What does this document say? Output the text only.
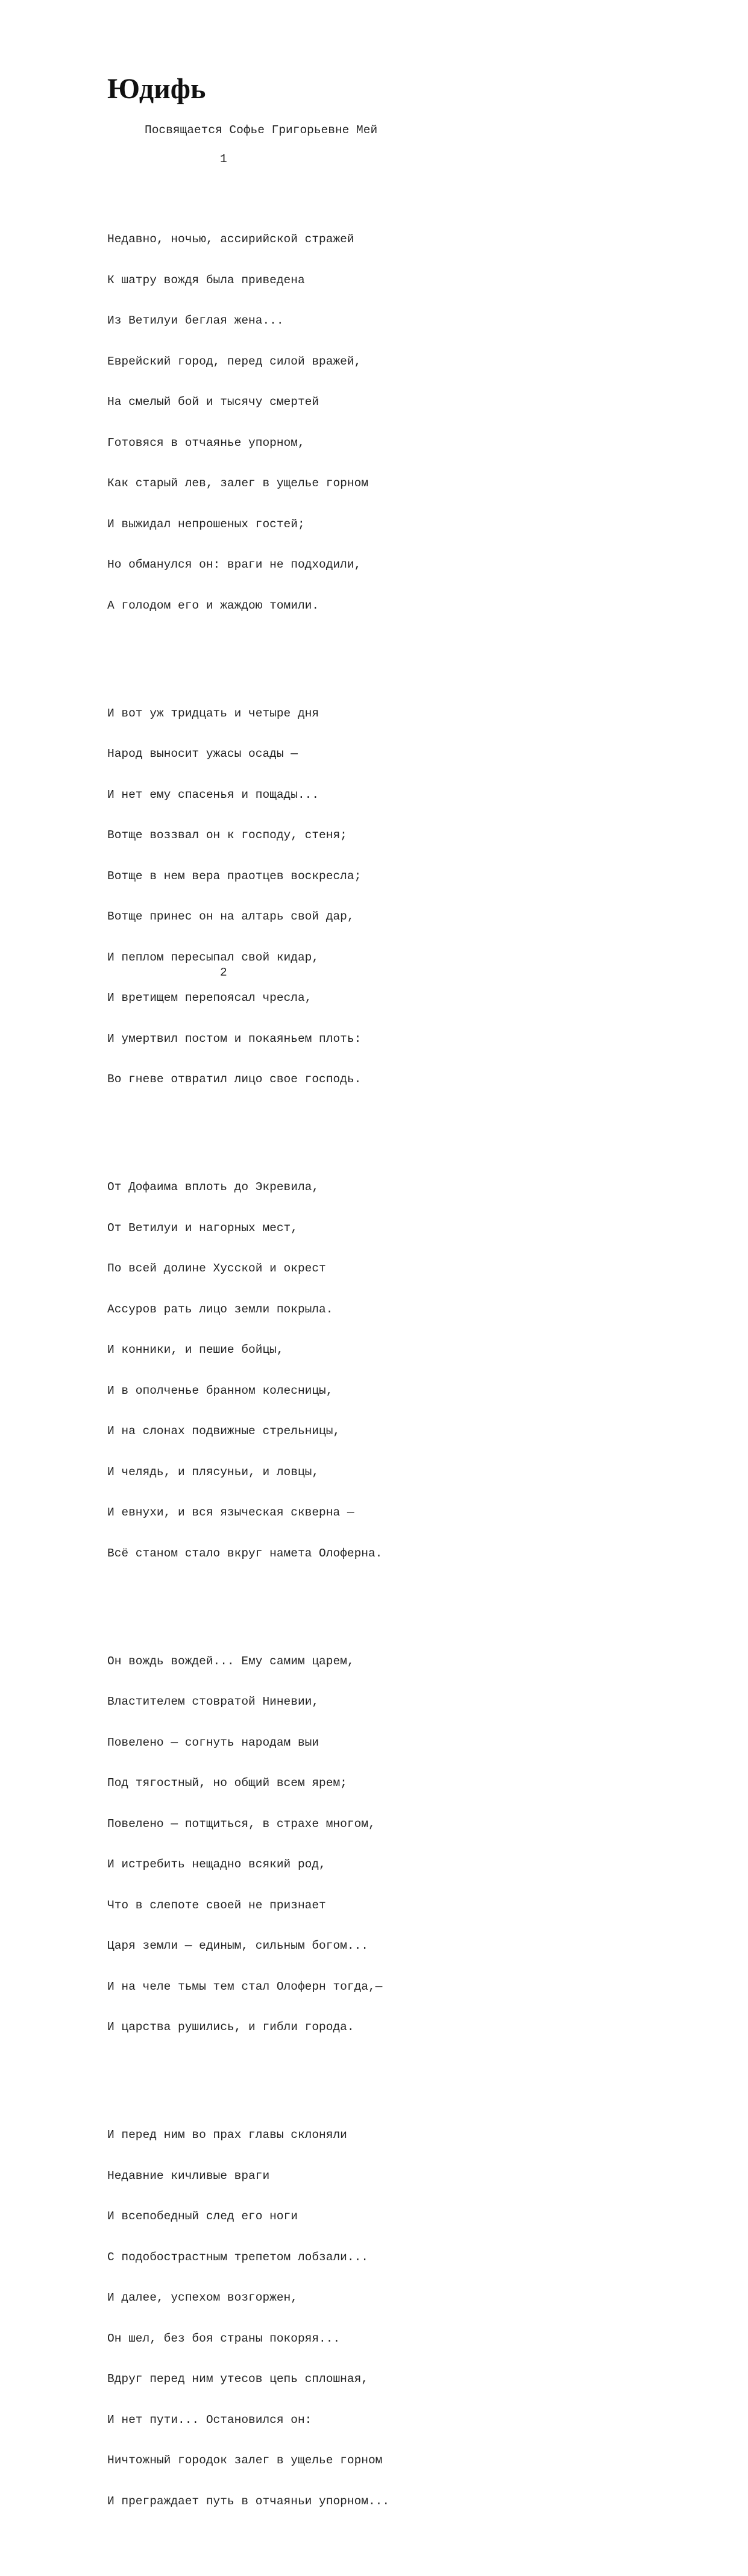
Юдифь
Посвящается Софье Григорьевне Мей
1

Недавно, ночью, ассирийской стражей

К шатру вождя была приведена

Из Ветилуи беглая жена...

Еврейский город, перед силой вражей,

На смелый бой и тысячу смертей

Готовяся в отчаянье упорном,

Как старый лев, залег в ущелье горном

И выжидал непрошеных гостей;

Но обманулся он: враги не подходили,

А голодом его и жаждою томили.

И вот уж тридцать и четыре дня

Народ выносит ужасы осады —

И нет ему спасенья и пощады...

Вотще воззвал он к господу, стеня;

Вотще в нем вера праотцев воскресла;

Вотще принес он на алтарь свой дар,

И пеплом пересыпал свой кидар,

И вретищем перепоясал чресла,

И умертвил постом и покаяньем плоть:

Во гневе отвратил лицо свое господь.

От Дофаима вплоть до Экревила,

От Ветилуи и нагорных мест,

По всей долине Хусской и окрест

Ассуров рать лицо земли покрыла.

И конники, и пешие бойцы,

И в ополченье бранном колесницы,

И на слонах подвижные стрельницы,

И челядь, и плясуньи, и ловцы,

И евнухи, и вся языческая скверна —

Всё станом стало вкруг намета Олоферна.

Он вождь вождей... Ему самим царем,

Властителем стовратой Ниневии,

Повелено — согнуть народам выи

Под тягостный, но общий всем ярем;

Повелено — потщиться, в страхе многом,

И истребить нещадно всякий род,

Что в слепоте своей не признает

Царя земли — единым, сильным богом...

И на челе тьмы тем стал Олоферн тогда,—

И царства рушились, и гибли города.

И перед ним во прах главы склоняли

Недавние кичливые враги

И всепобедный след его ноги

С подобострастным трепетом лобзали...

И далее, успехом возгоржен,

Он шел, без боя страны покоряя...

Вдруг перед ним утесов цепь сплошная,

И нет пути... Остановился он:

Ничтожный городок залег в ущелье горном

И преграждает путь в отчаяньи упорном...

2
